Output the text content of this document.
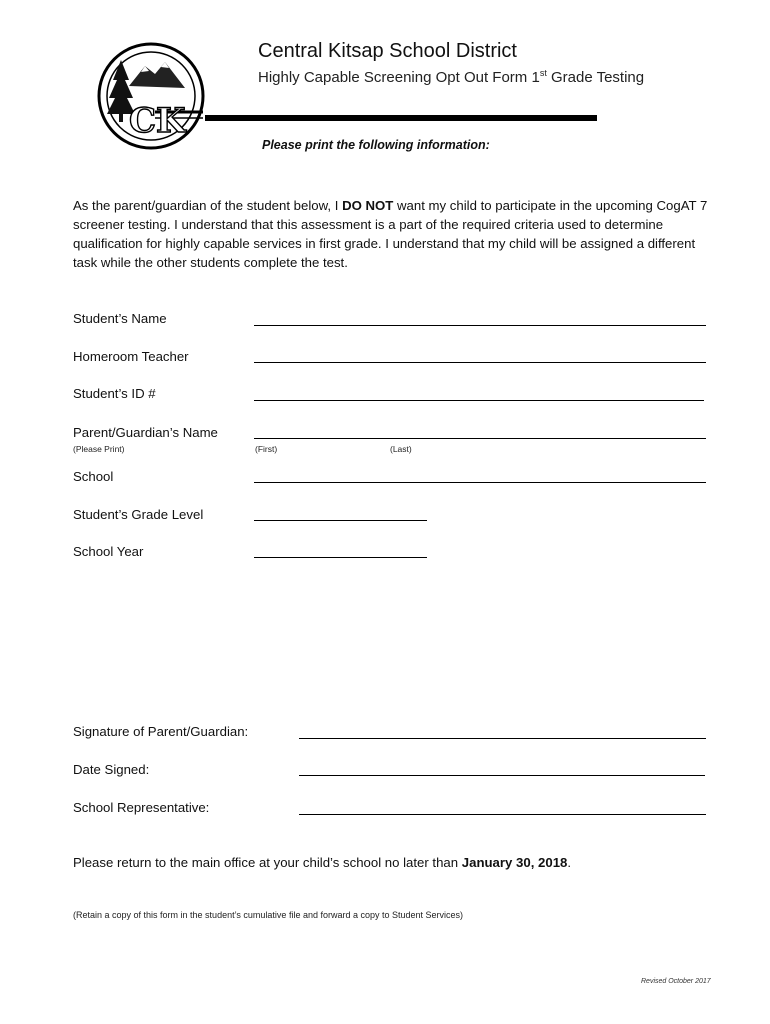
CK
Central Kitsap School District
Highly Capable Screening Opt Out Form 1st Grade Testing
Please print the following information:
As the parent/guardian of the student below, I DO NOT want my child to participate in the upcoming CogAT 7 screener testing. I understand that this assessment is a part of the required criteria used to determine qualification for highly capable services in first grade. I understand that my child will be assigned a different task while the other students complete the test.
Student’s Name
Homeroom Teacher
Student’s ID #
Parent/Guardian’s Name
(Please Print)	(First)	(Last)
School
Student’s Grade Level
School Year
Signature of Parent/Guardian:
Date Signed:
School Representative:
Please return to the main office at your child’s school no later than January 30, 2018.
(Retain a copy of this form in the student’s cumulative file and forward a copy to Student Services)
Revised October 2017
